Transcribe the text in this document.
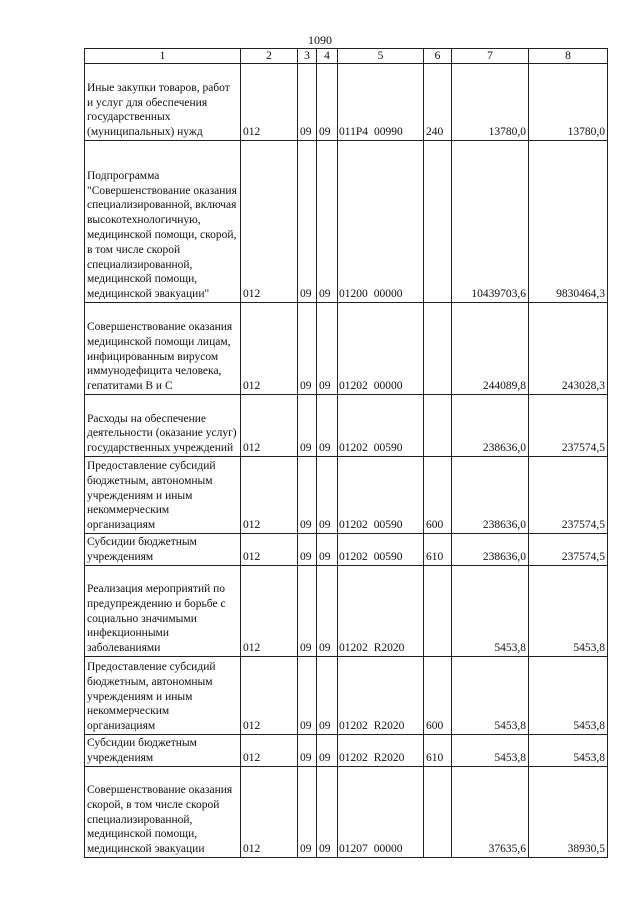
1090
1	2	3	4	5	6	7	8
Иные закупки товаров, работ и услуг для обеспечения государственных (муниципальных) нужд	012	09	09	011P4 00990	240	13780,0	13780,0
Подпрограмма "Совершенствование оказания специализированной, включая высокотехнологичную, медицинской помощи, скорой, в том числе скорой специализированной, медицинской помощи, медицинской эвакуации"	012	09	09	01200 00000		10439703,6	9830464,3
Совершенствование оказания медицинской помощи лицам, инфицированным вирусом иммунодефицита человека, гепатитами В и С	012	09	09	01202 00000		244089,8	243028,3
Расходы на обеспечение деятельности (оказание услуг) государственных учреждений	012	09	09	01202 00590		238636,0	237574,5
Предоставление субсидий бюджетным, автономным учреждениям и иным некоммерческим организациям	012	09	09	01202 00590	600	238636,0	237574,5
Субсидии бюджетным учреждениям	012	09	09	01202 00590	610	238636,0	237574,5
Реализация мероприятий по предупреждению и борьбе с социально значимыми инфекционными заболеваниями	012	09	09	01202 R2020		5453,8	5453,8
Предоставление субсидий бюджетным, автономным учреждениям и иным некоммерческим организациям	012	09	09	01202 R2020	600	5453,8	5453,8
Субсидии бюджетным учреждениям	012	09	09	01202 R2020	610	5453,8	5453,8
Совершенствование оказания скорой, в том числе скорой специализированной, медицинской помощи, медицинской эвакуации	012	09	09	01207 00000		37635,6	38930,5
